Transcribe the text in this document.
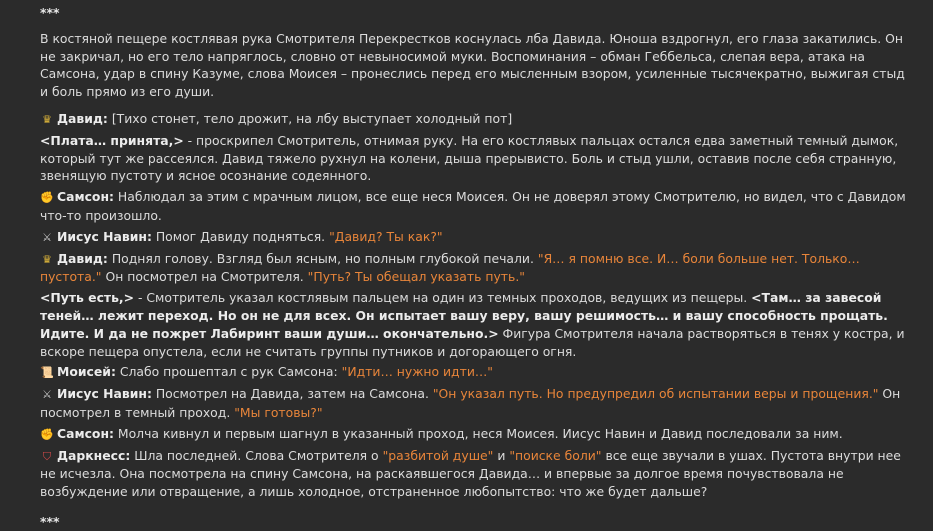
***

В костяной пещере костлявая рука Смотрителя Перекрестков коснулась лба Давида. Юноша вздрогнул, его глаза закатились. Он не закричал, но его тело напряглось, словно от невыносимой муки. Воспоминания – обман Геббельса, слепая вера, атака на Самсона, удар в спину Казуме, слова Моисея – пронеслись перед его мысленным взором, усиленные тысячекратно, выжигая стыд и боль прямо из его души.

♛ Давид: [Тихо стонет, тело дрожит, на лбу выступает холодный пот]

<Плата… принята,> - проскрипел Смотритель, отнимая руку. На его костлявых пальцах остался едва заметный темный дымок, который тут же рассеялся. Давид тяжело рухнул на колени, дыша прерывисто. Боль и стыд ушли, оставив после себя странную, звенящую пустоту и ясное осознание содеянного.

✊ Самсон: Наблюдал за этим с мрачным лицом, все еще неся Моисея. Он не доверял этому Смотрителю, но видел, что с Давидом что-то произошло.

⚔ Иисус Навин: Помог Давиду подняться. "Давид? Ты как?"

♛ Давид: Поднял голову. Взгляд был ясным, но полным глубокой печали. "Я… я помню все. И… боли больше нет. Только… пустота." Он посмотрел на Смотрителя. "Путь? Ты обещал указать путь."

<Путь есть,> - Смотритель указал костлявым пальцем на один из темных проходов, ведущих из пещеры. <Там… за завесой теней… лежит переход. Но он не для всех. Он испытает вашу веру, вашу решимость… и вашу способность прощать. Идите. И да не пожрет Лабиринт ваши души… окончательно.> Фигура Смотрителя начала растворяться в тенях у костра, и вскоре пещера опустела, если не считать группы путников и догорающего огня.

📜 Моисей: Слабо прошептал с рук Самсона: "Идти… нужно идти…"

⚔ Иисус Навин: Посмотрел на Давида, затем на Самсона. "Он указал путь. Но предупредил об испытании веры и прощения." Он посмотрел в темный проход. "Мы готовы?"

✊ Самсон: Молча кивнул и первым шагнул в указанный проход, неся Моисея. Иисус Навин и Давид последовали за ним.

⛉ Даркнесс: Шла последней. Слова Смотрителя о "разбитой душе" и "поиске боли" все еще звучали в ушах. Пустота внутри нее не исчезла. Она посмотрела на спину Самсона, на раскаявшегося Давида… и впервые за долгое время почувствовала не возбуждение или отвращение, а лишь холодное, отстраненное любопытство: что же будет дальше?

***
